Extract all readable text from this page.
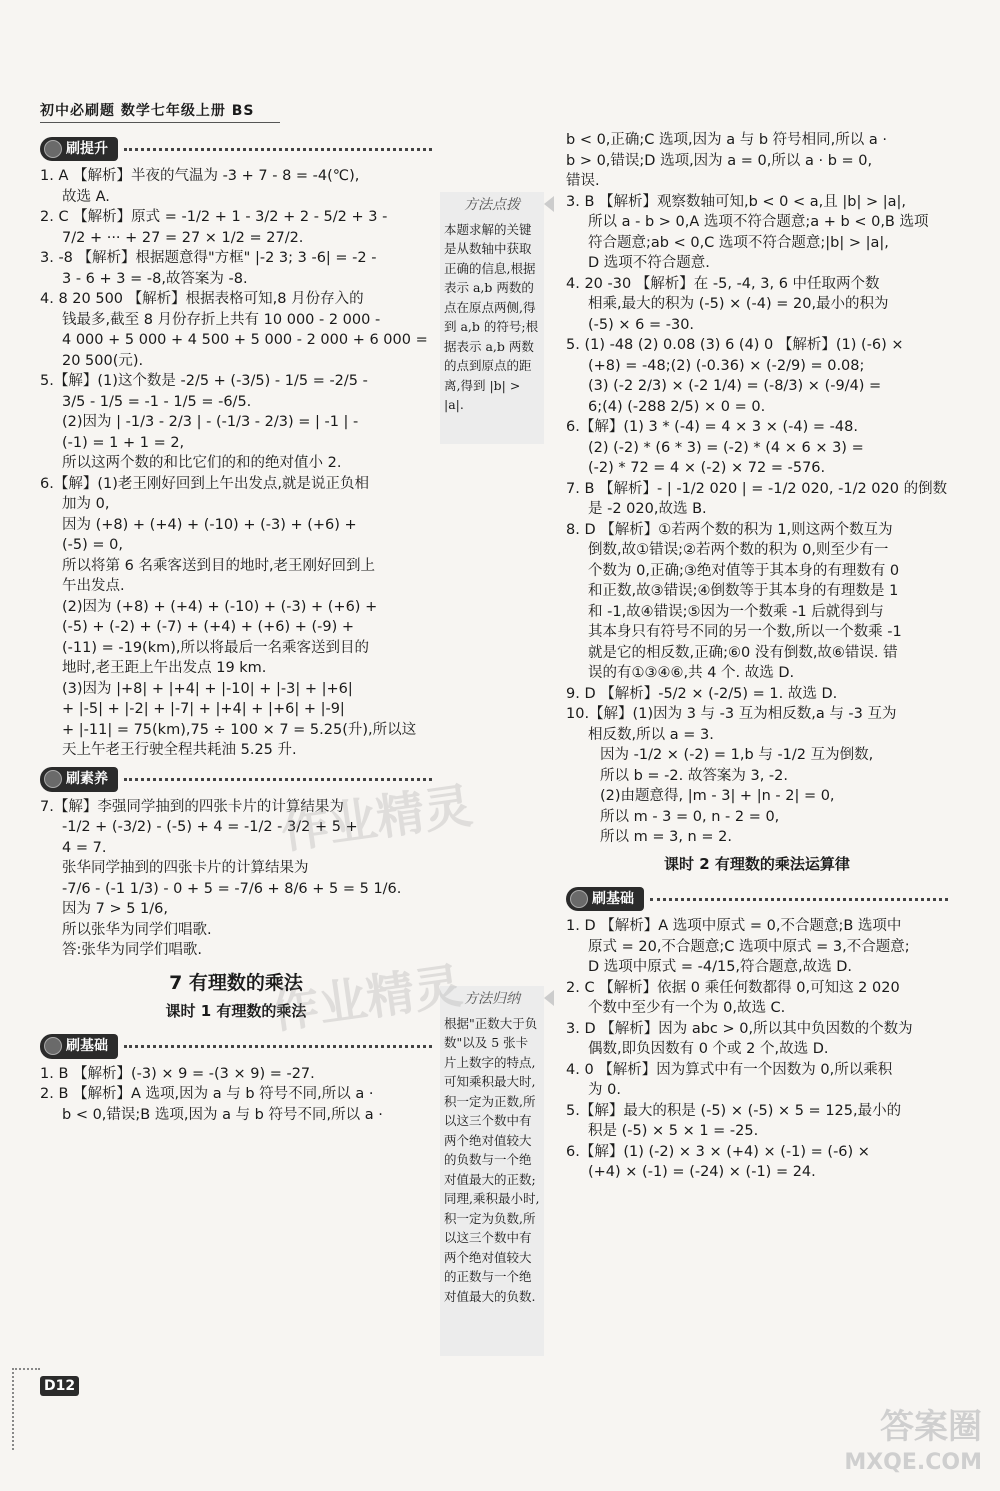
初中必刷题 数学七年级上册 BS
刷提升
1. A 【解析】半夜的气温为 -3 + 7 - 8 = -4(℃),
故选 A.
2. C 【解析】原式 = -1/2 + 1 - 3/2 + 2 - 5/2 + 3 -
7/2 + ··· + 27 = 27 × 1/2 = 27/2.
3. -8 【解析】根据题意得"方框" |-2 3; 3 -6| = -2 -
3 - 6 + 3 = -8,故答案为 -8.
4. 8 20 500 【解析】根据表格可知,8 月份存入的
钱最多,截至 8 月份存折上共有 10 000 - 2 000 -
4 000 + 5 000 + 4 500 + 5 000 - 2 000 + 6 000 =
20 500(元).
5.【解】(1)这个数是 -2/5 + (-3/5) - 1/5 = -2/5 -
3/5 - 1/5 = -1 - 1/5 = -6/5.
(2)因为 | -1/3 - 2/3 | - (-1/3 - 2/3) = | -1 | -
(-1) = 1 + 1 = 2,
所以这两个数的和比它们的和的绝对值小 2.
6.【解】(1)老王刚好回到上午出发点,就是说正负相
加为 0,
因为 (+8) + (+4) + (-10) + (-3) + (+6) +
(-5) = 0,
所以将第 6 名乘客送到目的地时,老王刚好回到上
午出发点.
(2)因为 (+8) + (+4) + (-10) + (-3) + (+6) +
(-5) + (-2) + (-7) + (+4) + (+6) + (-9) +
(-11) = -19(km),所以将最后一名乘客送到目的
地时,老王距上午出发点 19 km.
(3)因为 |+8| + |+4| + |-10| + |-3| + |+6|
+ |-5| + |-2| + |-7| + |+4| + |+6| + |-9|
+ |-11| = 75(km),75 ÷ 100 × 7 = 5.25(升),所以这
天上午老王行驶全程共耗油 5.25 升.
刷素养
7.【解】李强同学抽到的四张卡片的计算结果为
-1/2 + (-3/2) - (-5) + 4 = -1/2 - 3/2 + 5 +
4 = 7.
张华同学抽到的四张卡片的计算结果为
-7/6 - (-1 1/3) - 0 + 5 = -7/6 + 8/6 + 5 = 5 1/6.
因为 7 > 5 1/6,
所以张华为同学们唱歌.
答:张华为同学们唱歌.
7 有理数的乘法
课时 1 有理数的乘法
刷基础
1. B 【解析】(-3) × 9 = -(3 × 9) = -27.
2. B 【解析】A 选项,因为 a 与 b 符号不同,所以 a ·
b < 0,错误;B 选项,因为 a 与 b 符号不同,所以 a ·
方法点拨
本题求解的关键是从数轴中获取正确的信息,根据表示 a,b 两数的点在原点两侧,得到 a,b 的符号;根据表示 a,b 两数的点到原点的距离,得到 |b| > |a|.
方法归纳
根据"正数大于负数"以及 5 张卡片上数字的特点,可知乘积最大时,积一定为正数,所以这三个数中有两个绝对值较大的负数与一个绝对值最大的正数;同理,乘积最小时,积一定为负数,所以这三个数中有两个绝对值较大的正数与一个绝对值最大的负数.
b < 0,正确;C 选项,因为 a 与 b 符号相同,所以 a ·
b > 0,错误;D 选项,因为 a = 0,所以 a · b = 0,
错误.
3. B 【解析】观察数轴可知,b < 0 < a,且 |b| > |a|,
所以 a - b > 0,A 选项不符合题意;a + b < 0,B 选项
符合题意;ab < 0,C 选项不符合题意;|b| > |a|,
D 选项不符合题意.
4. 20 -30 【解析】在 -5, -4, 3, 6 中任取两个数
相乘,最大的积为 (-5) × (-4) = 20,最小的积为
(-5) × 6 = -30.
5. (1) -48 (2) 0.08 (3) 6 (4) 0 【解析】(1) (-6) ×
(+8) = -48;(2) (-0.36) × (-2/9) = 0.08;
(3) (-2 2/3) × (-2 1/4) = (-8/3) × (-9/4) =
6;(4) (-288 2/5) × 0 = 0.
6.【解】(1) 3 * (-4) = 4 × 3 × (-4) = -48.
(2) (-2) * (6 * 3) = (-2) * (4 × 6 × 3) =
(-2) * 72 = 4 × (-2) × 72 = -576.
7. B 【解析】- | -1/2 020 | = -1/2 020, -1/2 020 的倒数
是 -2 020,故选 B.
8. D 【解析】①若两个数的积为 1,则这两个数互为
倒数,故①错误;②若两个数的积为 0,则至少有一
个数为 0,正确;③绝对值等于其本身的有理数有 0
和正数,故③错误;④倒数等于其本身的有理数是 1
和 -1,故④错误;⑤因为一个数乘 -1 后就得到与
其本身只有符号不同的另一个数,所以一个数乘 -1
就是它的相反数,正确;⑥0 没有倒数,故⑥错误. 错
误的有①③④⑥,共 4 个. 故选 D.
9. D 【解析】-5/2 × (-2/5) = 1. 故选 D.
10.【解】(1)因为 3 与 -3 互为相反数,a 与 -3 互为
相反数,所以 a = 3.
因为 -1/2 × (-2) = 1,b 与 -1/2 互为倒数,
所以 b = -2. 故答案为 3, -2.
(2)由题意得, |m - 3| + |n - 2| = 0,
所以 m - 3 = 0, n - 2 = 0,
所以 m = 3, n = 2.
课时 2 有理数的乘法运算律
刷基础
1. D 【解析】A 选项中原式 = 0,不合题意;B 选项中
原式 = 20,不合题意;C 选项中原式 = 3,不合题意;
D 选项中原式 = -4/15,符合题意,故选 D.
2. C 【解析】依据 0 乘任何数都得 0,可知这 2 020
个数中至少有一个为 0,故选 C.
3. D 【解析】因为 abc > 0,所以其中负因数的个数为
偶数,即负因数有 0 个或 2 个,故选 D.
4. 0 【解析】因为算式中有一个因数为 0,所以乘积
为 0.
5.【解】最大的积是 (-5) × (-5) × 5 = 125,最小的
积是 (-5) × 5 × 1 = -25.
6.【解】(1) (-2) × 3 × (+4) × (-1) = (-6) ×
(+4) × (-1) = (-24) × (-1) = 24.
作业精灵
作业精灵
D12
答案圈
MXQE.COM
